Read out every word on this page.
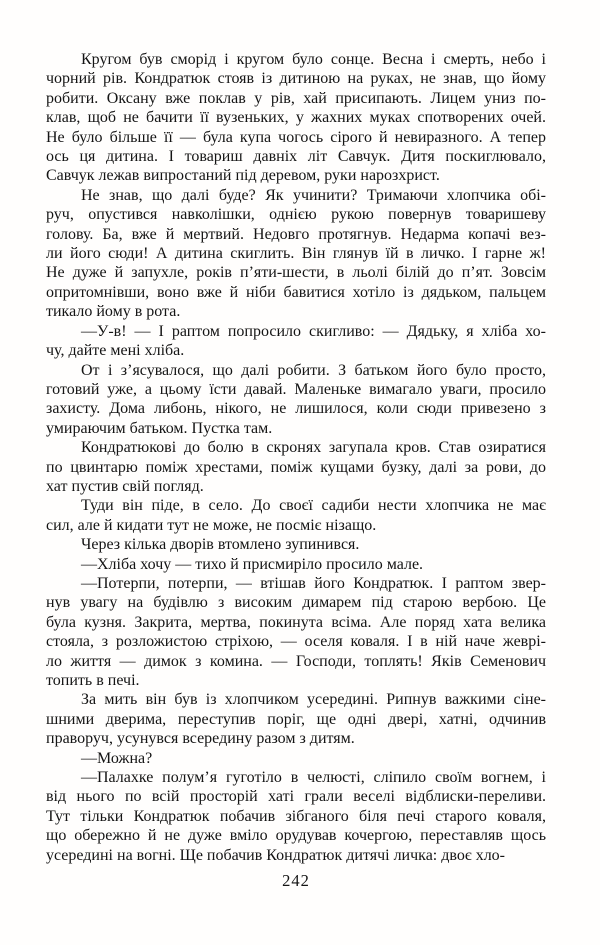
Кругом був сморід і кругом було сонце. Весна і смерть, небо і
чорний рів. Кондратюк стояв із дитиною на руках, не знав, що йому
робити. Оксану вже поклав у рів, хай присипають. Лицем униз по-
клав, щоб не бачити її вузеньких, у жахних муках спотворених очей.
Не було більше її — була купа чогось сірого й невиразного. А тепер
ось ця дитина. І товариш давніх літ Савчук. Дитя поскиглювало,
Савчук лежав випростаний під деревом, руки нарозхрист.
Не знав, що далі буде? Як учинити? Тримаючи хлопчика обі-
руч, опустився навколішки, однією рукою повернув товаришеву
голову. Ба, вже й мертвий. Недовго протягнув. Недарма копачі вез-
ли його сюди! А дитина скиглить. Він глянув їй в личко. І гарне ж!
Не дуже й запухле, років п’яти-шести, в льолі білій до п’ят. Зовсім
опритомнівши, воно вже й ніби бавитися хотіло із дядьком, пальцем
тикало йому в рота.
—У-в! — І раптом попросило скигливо: — Дядьку, я хліба хо-
чу, дайте мені хліба.
От і з’ясувалося, що далі робити. З батьком його було просто,
готовий уже, а цьому їсти давай. Маленьке вимагало уваги, просило
захисту. Дома либонь, нікого, не лишилося, коли сюди привезено з
умираючим батьком. Пустка там.
Кондратюкові до болю в скронях загупала кров. Став озиратися
по цвинтарю поміж хрестами, поміж кущами бузку, далі за рови, до
хат пустив свій погляд.
Туди він піде, в село. До своєї садиби нести хлопчика не має
сил, але й кидати тут не може, не посміє нізащо.
Через кілька дворів втомлено зупинився.
—Хліба хочу — тихо й присмиріло просило мале.
—Потерпи, потерпи, — втішав його Кондратюк. І раптом звер-
нув увагу на будівлю з високим димарем під старою вербою. Це
була кузня. Закрита, мертва, покинута всіма. Але поряд хата велика
стояла, з розложистою стріхою, — оселя коваля. І в ній наче жеврі-
ло життя — димок з комина. — Господи, топлять! Яків Семенович
топить в печі.
За мить він був із хлопчиком усередині. Рипнув важкими сіне-
шними дверима, переступив поріг, ще одні двері, хатні, одчинив
праворуч, усунувся всередину разом з дитям.
—Можна?
—Палахке полум’я гуготіло в челюсті, сліпило своїм вогнем, і
від нього по всій просторій хаті грали веселі відблиски-переливи.
Тут тільки Кондратюк побачив зібганого біля печі старого коваля,
що обережно й не дуже вміло орудував кочергою, переставляв щось
усередині на вогні. Ще побачив Кондратюк дитячі личка: двоє хло-
242
